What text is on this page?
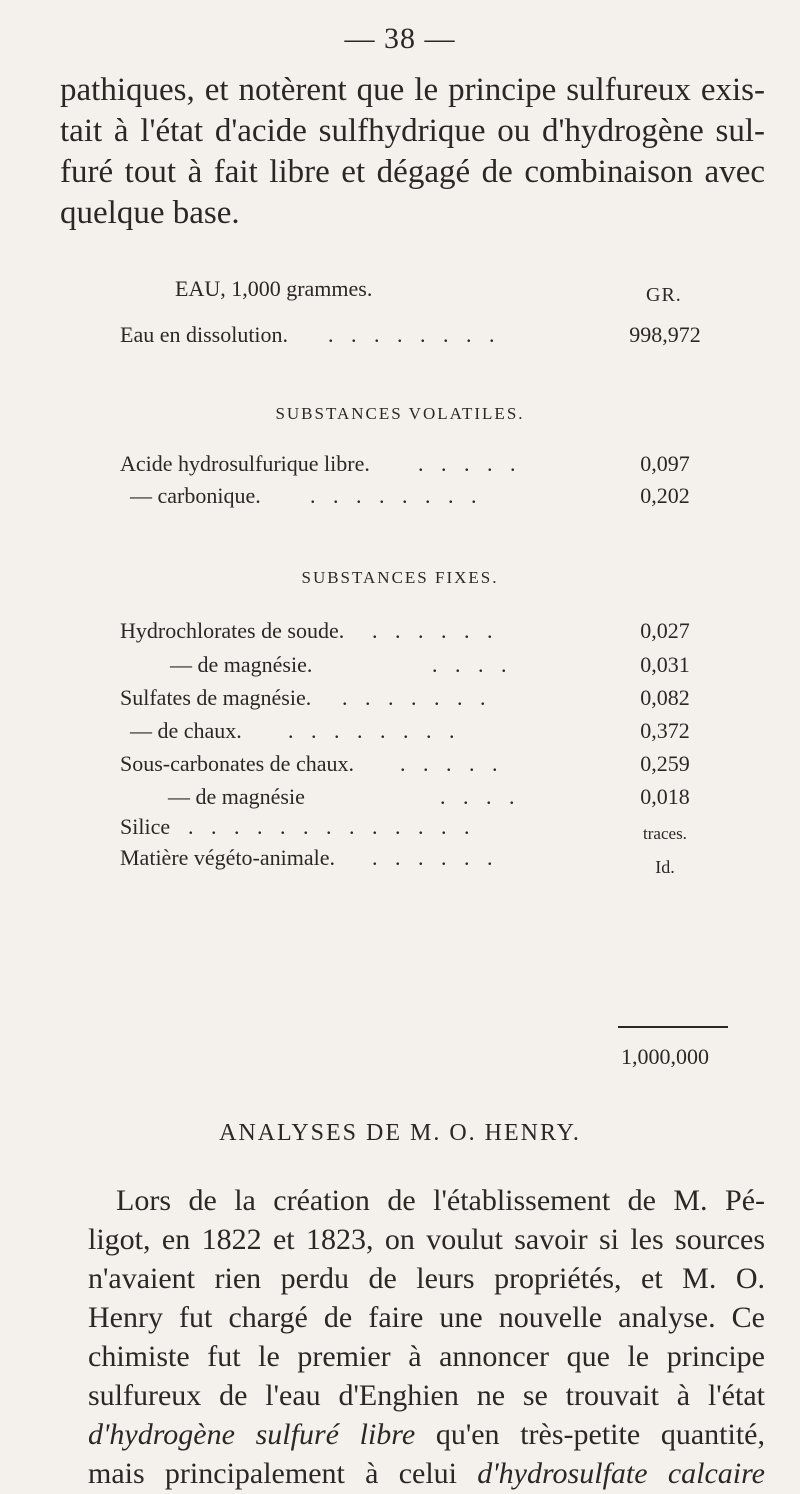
— 38 —
pathiques, et notèrent que le principe sulfureux exis-
tait à l'état d'acide sulfhydrique ou d'hydrogène sul-
furé tout à fait libre et dégagé de combinaison avec
quelque base.
EAU, 1,000 grammes.	GR.
Eau en dissolution. . . . . . . . .	998,972
SUBSTANCES VOLATILES.
Acide hydrosulfurique libre. . . . . .	0,097
— carbonique. . . . . . . . .	0,202
SUBSTANCES FIXES.
Hydrochlorates de soude. . . . . . .	0,027
— de magnésie.	. . . .	0,031
Sulfates de magnésie. . . . . . . .	0,082
— de chaux. . . . . . . . .	0,372
Sous-carbonates de chaux. . . . . .	0,259
— de magnésie	. . . .	0,018
Silice . . . . . . . . . . . . .	traces.
Matière végéto-animale. . . . . . .	Id.
1,000,000
ANALYSES DE M. O. HENRY.
Lors de la création de l'établissement de M. Pé-
ligot, en 1822 et 1823, on voulut savoir si les sources
n'avaient rien perdu de leurs propriétés, et M. O.
Henry fut chargé de faire une nouvelle analyse. Ce
chimiste fut le premier à annoncer que le principe
sulfureux de l'eau d'Enghien ne se trouvait à l'état
d'hydrogène sulfuré libre qu'en très-petite quantité,
mais principalement à celui d'hydrosulfate calcaire
